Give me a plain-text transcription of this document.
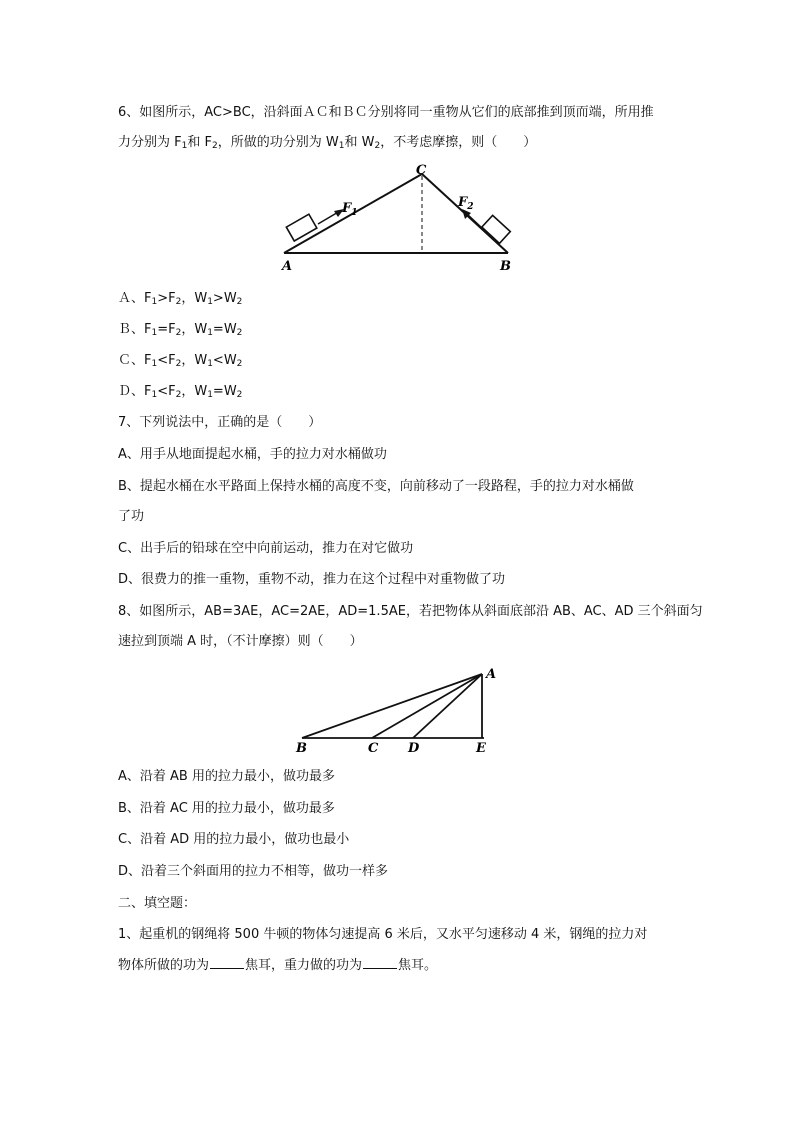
6、如图所示，AC>BC，沿斜面ＡＣ和ＢＣ分别将同一重物从它们的底部推到顶而端，所用推
力分别为 $F_1$和 $F_2$，所做的功分别为 $W_1$和 $W_2$，不考虑摩擦，则（　　）
A	B
C
$F_1$
$F_2$
Ａ、$F_1>F_2$，$W_1>W_2$
Ｂ、$F_1=F_2$，$W_1=W_2$
Ｃ、$F_1<F_2$，$W_1<W_2$
Ｄ、$F_1<F_2$，$W_1=W_2$
7、下列说法中，正确的是（　　）
A、用手从地面提起水桶，手的拉力对水桶做功
B、提起水桶在水平路面上保持水桶的高度不变，向前移动了一段路程，手的拉力对水桶做
了功
C、出手后的铅球在空中向前运动，推力在对它做功
D、很费力的推一重物，重物不动，推力在这个过程中对重物做了功
8、如图所示，AB=3AE，AC=2AE，AD=1.5AE，若把物体从斜面底部沿 AB、AC、AD 三个斜面匀
速拉到顶端 A 时，（不计摩擦）则（　　）
A
B	C D	E
A、沿着 AB 用的拉力最小，做功最多
B、沿着 AC 用的拉力最小，做功最多
C、沿着 AD 用的拉力最小，做功也最小
D、沿着三个斜面用的拉力不相等，做功一样多
二、填空题：
1、起重机的钢绳将 500 牛顿的物体匀速提高 6 米后，又水平匀速移动 4 米，钢绳的拉力对
物体所做的功为	焦耳，重力做的功为	焦耳。
